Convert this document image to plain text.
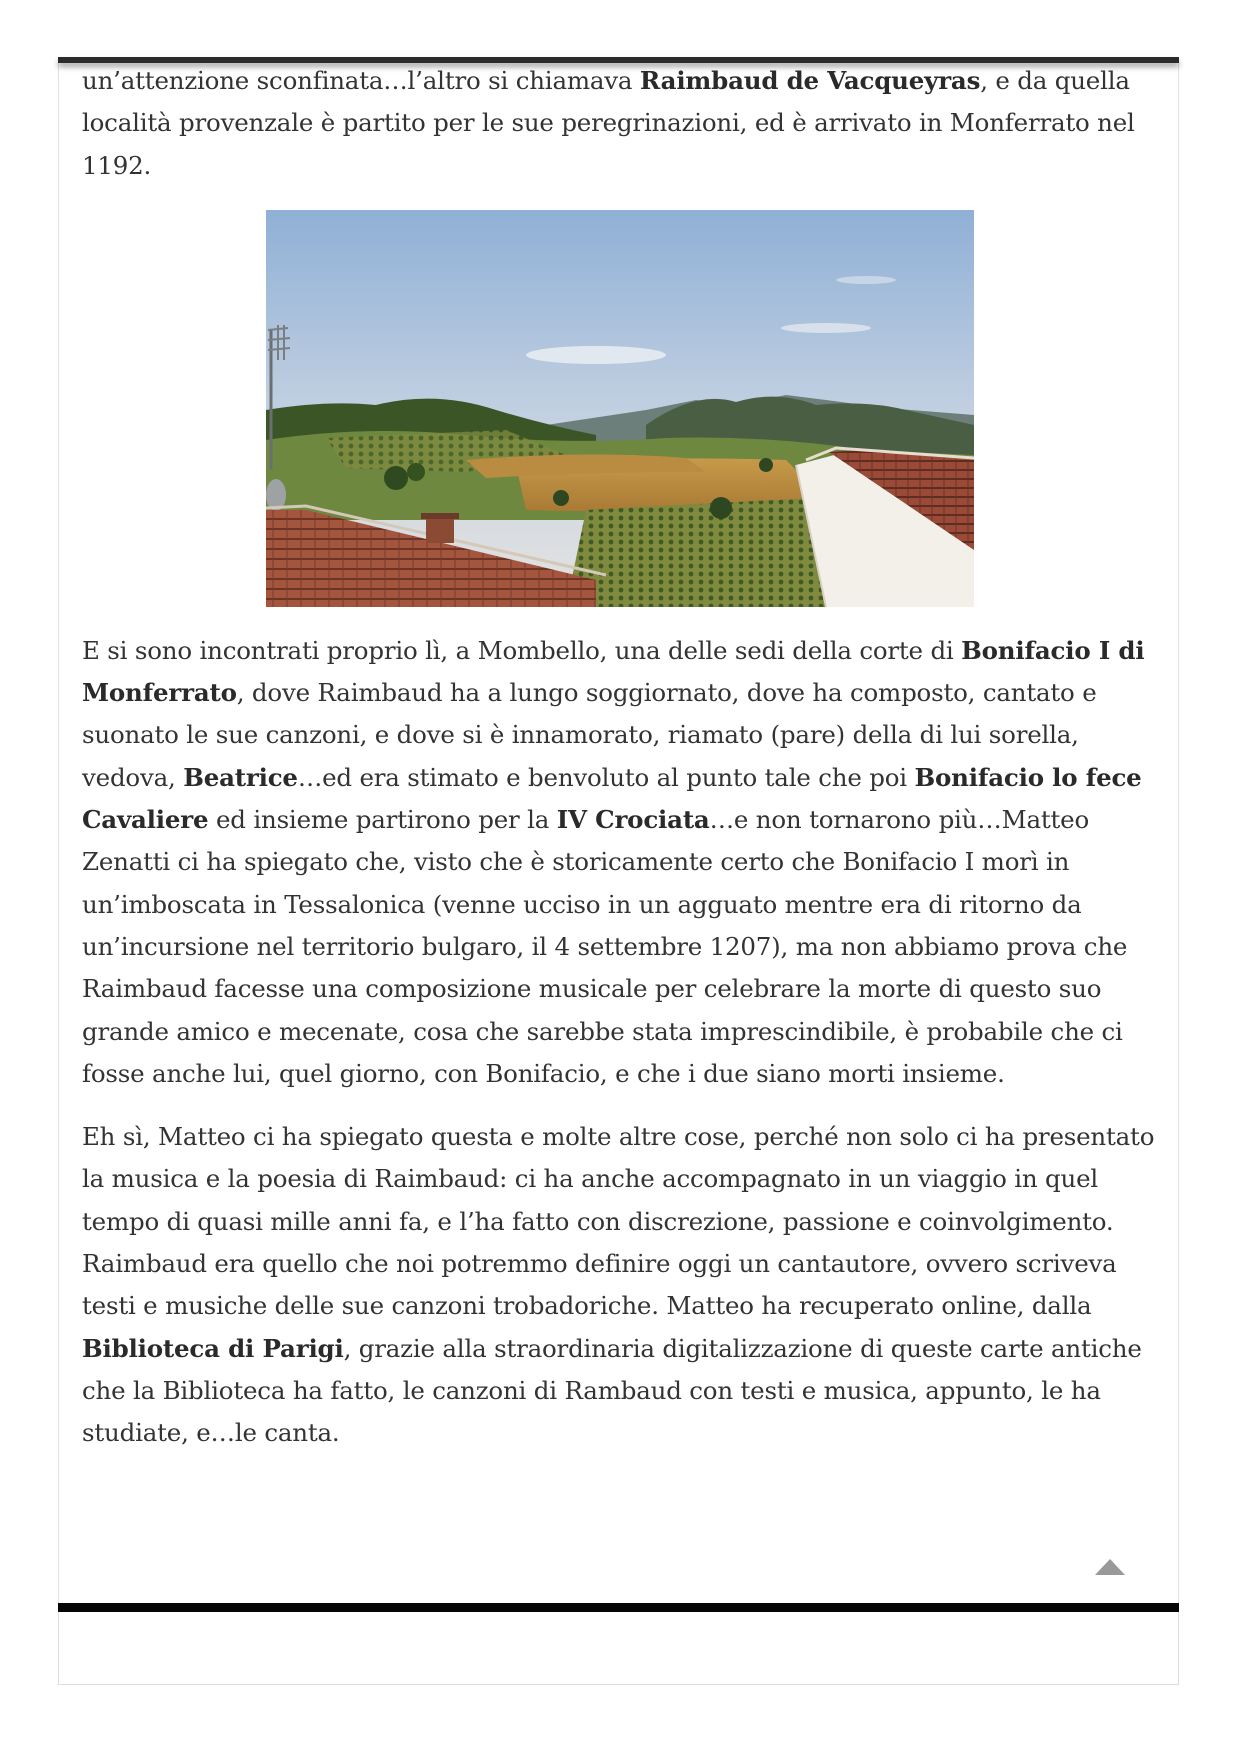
un’attenzione sconfinata…l’altro si chiamava Raimbaud de Vacqueyras, e da quella località provenzale è partito per le sue peregrinazioni, ed è arrivato in Monferrato nel 1192.

E si sono incontrati proprio lì, a Mombello, una delle sedi della corte di Bonifacio I di Monferrato, dove Raimbaud ha a lungo soggiornato, dove ha composto, cantato e suonato le sue canzoni, e dove si è innamorato, riamato (pare) della di lui sorella, vedova, Beatrice…ed era stimato e benvoluto al punto tale che poi Bonifacio lo fece Cavaliere ed insieme partirono per la IV Crociata…e non tornarono più…Matteo Zenatti ci ha spiegato che, visto che è storicamente certo che Bonifacio I morì in un’imboscata in Tessalonica (venne ucciso in un agguato mentre era di ritorno da un’incursione nel territorio bulgaro, il 4 settembre 1207), ma non abbiamo prova che Raimbaud facesse una composizione musicale per celebrare la morte di questo suo grande amico e mecenate, cosa che sarebbe stata imprescindibile, è probabile che ci fosse anche lui, quel giorno, con Bonifacio, e che i due siano morti insieme.

Eh sì, Matteo ci ha spiegato questa e molte altre cose, perché non solo ci ha presentato la musica e la poesia di Raimbaud: ci ha anche accompagnato in un viaggio in quel tempo di quasi mille anni fa, e l’ha fatto con discrezione, passione e coinvolgimento. Raimbaud era quello che noi potremmo definire oggi un cantautore, ovvero scriveva testi e musiche delle sue canzoni trobadoriche. Matteo ha recuperato online, dalla Biblioteca di Parigi, grazie alla straordinaria digitalizzazione di queste carte antiche che la Biblioteca ha fatto, le canzoni di Rambaud con testi e musica, appunto, le ha studiate, e…le canta.
